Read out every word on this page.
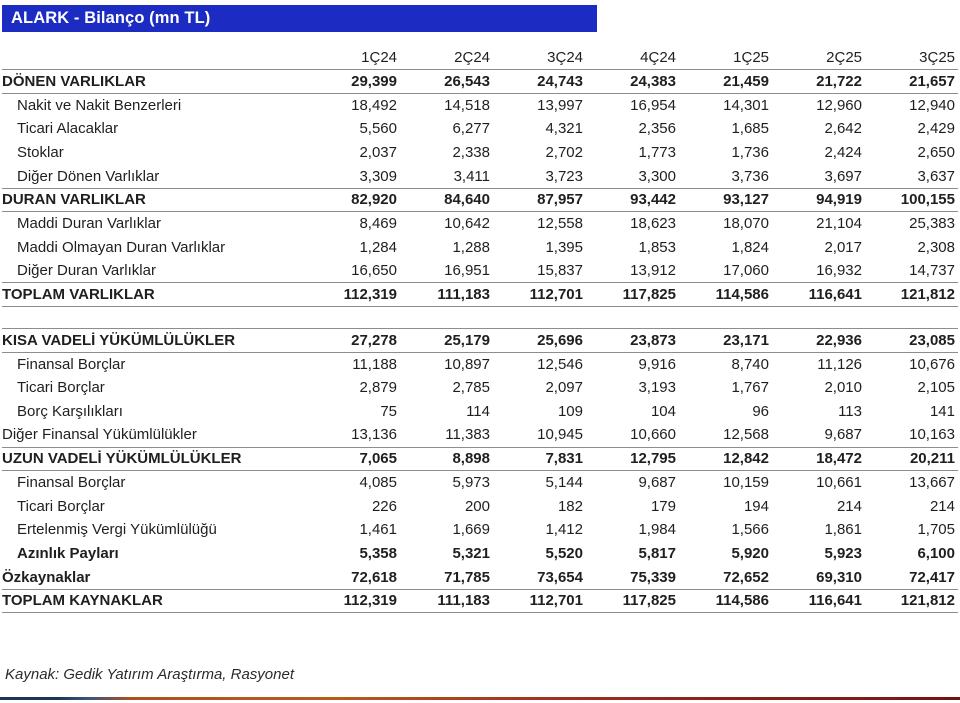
ALARK - Bilanço (mn TL)
	1Ç24	2Ç24	3Ç24	4Ç24	1Ç25	2Ç25	3Ç25
DÖNEN VARLIKLAR	29,399	26,543	24,743	24,383	21,459	21,722	21,657
Nakit ve Nakit Benzerleri	18,492	14,518	13,997	16,954	14,301	12,960	12,940
Ticari Alacaklar	5,560	6,277	4,321	2,356	1,685	2,642	2,429
Stoklar	2,037	2,338	2,702	1,773	1,736	2,424	2,650
Diğer Dönen Varlıklar	3,309	3,411	3,723	3,300	3,736	3,697	3,637
DURAN VARLIKLAR	82,920	84,640	87,957	93,442	93,127	94,919	100,155
Maddi Duran Varlıklar	8,469	10,642	12,558	18,623	18,070	21,104	25,383
Maddi Olmayan Duran Varlıklar	1,284	1,288	1,395	1,853	1,824	2,017	2,308
Diğer Duran Varlıklar	16,650	16,951	15,837	13,912	17,060	16,932	14,737
TOPLAM VARLIKLAR	112,319	111,183	112,701	117,825	114,586	116,641	121,812

KISA VADELİ YÜKÜMLÜLÜKLER	27,278	25,179	25,696	23,873	23,171	22,936	23,085
Finansal Borçlar	11,188	10,897	12,546	9,916	8,740	11,126	10,676
Ticari Borçlar	2,879	2,785	2,097	3,193	1,767	2,010	2,105
Borç Karşılıkları	75	114	109	104	96	113	141
Diğer Finansal Yükümlülükler	13,136	11,383	10,945	10,660	12,568	9,687	10,163
UZUN VADELİ YÜKÜMLÜLÜKLER	7,065	8,898	7,831	12,795	12,842	18,472	20,211
Finansal Borçlar	4,085	5,973	5,144	9,687	10,159	10,661	13,667
Ticari Borçlar	226	200	182	179	194	214	214
Ertelenmiş Vergi Yükümlülüğü	1,461	1,669	1,412	1,984	1,566	1,861	1,705
Azınlık Payları	5,358	5,321	5,520	5,817	5,920	5,923	6,100
Özkaynaklar	72,618	71,785	73,654	75,339	72,652	69,310	72,417
TOPLAM KAYNAKLAR	112,319	111,183	112,701	117,825	114,586	116,641	121,812
Kaynak: Gedik Yatırım Araştırma, Rasyonet
